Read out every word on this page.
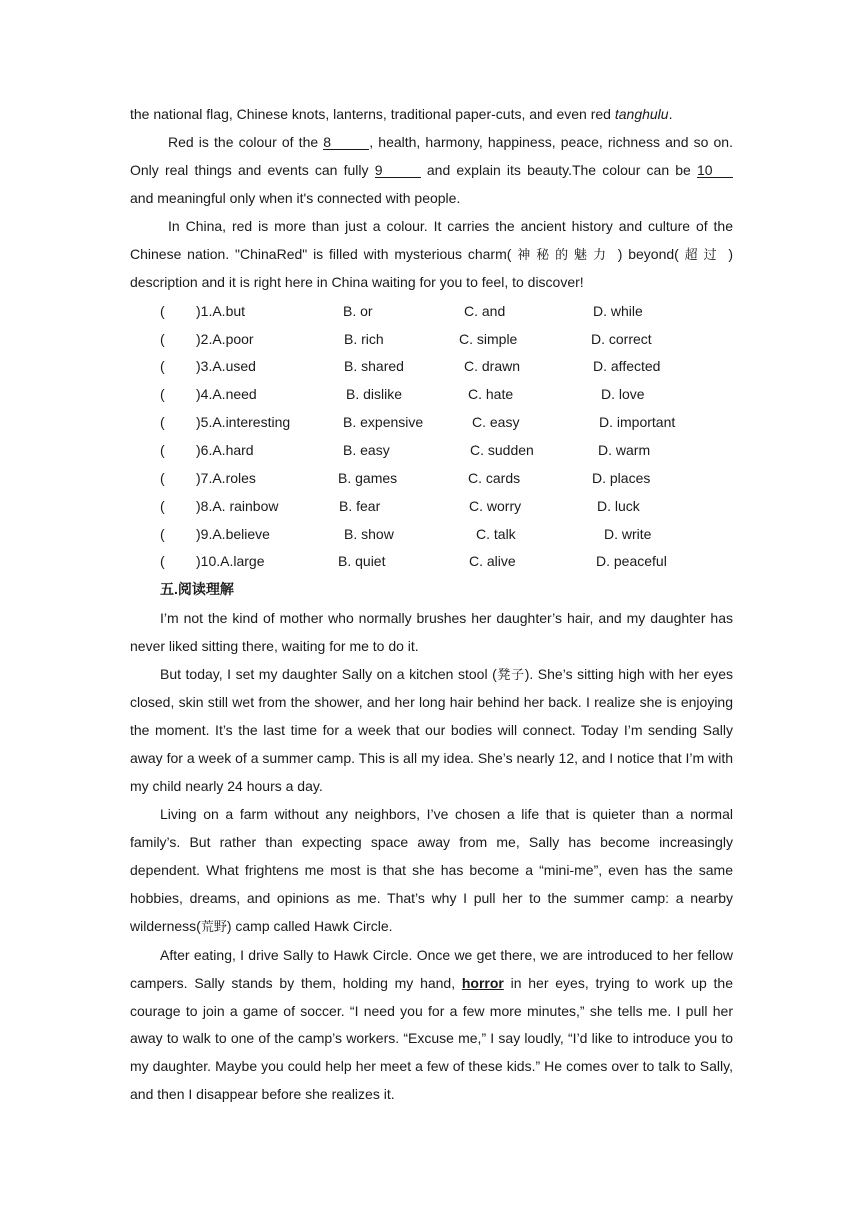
the national flag, Chinese knots, lanterns, traditional paper-cuts, and even red tanghulu.
Red is the colour of the 8	, health, harmony, happiness, peace, richness and so on.
Only real things and events can fully 9	and explain its beauty.The colour can be 10
and meaningful only when it's connected with people.
In China, red is more than just a colour. It carries the ancient history and culture of the
Chinese nation. "ChinaRed" is filled with mysterious charm( 神秘的魅力 ) beyond( 超过 )
description and it is right here in China waiting for you to feel, to discover!
( )1.A.but	B. or	C. and	D. while
( )2.A.poor	B. rich	C. simple	D. correct
( )3.A.used	B. shared	C. drawn	D. affected
( )4.A.need	B. dislike	C. hate	D. love
( )5.A.interesting	B. expensive	C. easy	D. important
( )6.A.hard	B. easy	C. sudden	D. warm
( )7.A.roles	B. games	C. cards	D. places
( )8.A. rainbow	B. fear	C. worry	D. luck
( )9.A.believe	B. show	C. talk	D. write
( )10.A.large	B. quiet	C. alive	D. peaceful
五.阅读理解
I’m not the kind of mother who normally brushes her daughter’s hair, and my daughter has
never liked sitting there, waiting for me to do it.
But today, I set my daughter Sally on a kitchen stool (凳子). She’s sitting high with her eyes
closed, skin still wet from the shower, and her long hair behind her back. I realize she is enjoying
the moment. It’s the last time for a week that our bodies will connect. Today I’m sending Sally
away for a week of a summer camp. This is all my idea. She’s nearly 12, and I notice that I’m with
my child nearly 24 hours a day.
Living on a farm without any neighbors, I’ve chosen a life that is quieter than a normal
family’s. But rather than expecting space away from me, Sally has become increasingly
dependent. What frightens me most is that she has become a “mini-me”, even has the same
hobbies, dreams, and opinions as me. That’s why I pull her to the summer camp: a nearby
wilderness(荒野) camp called Hawk Circle.
After eating, I drive Sally to Hawk Circle. Once we get there, we are introduced to her fellow
campers. Sally stands by them, holding my hand, horror in her eyes, trying to work up the
courage to join a game of soccer. “I need you for a few more minutes,” she tells me. I pull her
away to walk to one of the camp’s workers. “Excuse me,” I say loudly, “I’d like to introduce you to
my daughter. Maybe you could help her meet a few of these kids.” He comes over to talk to Sally,
and then I disappear before she realizes it.
